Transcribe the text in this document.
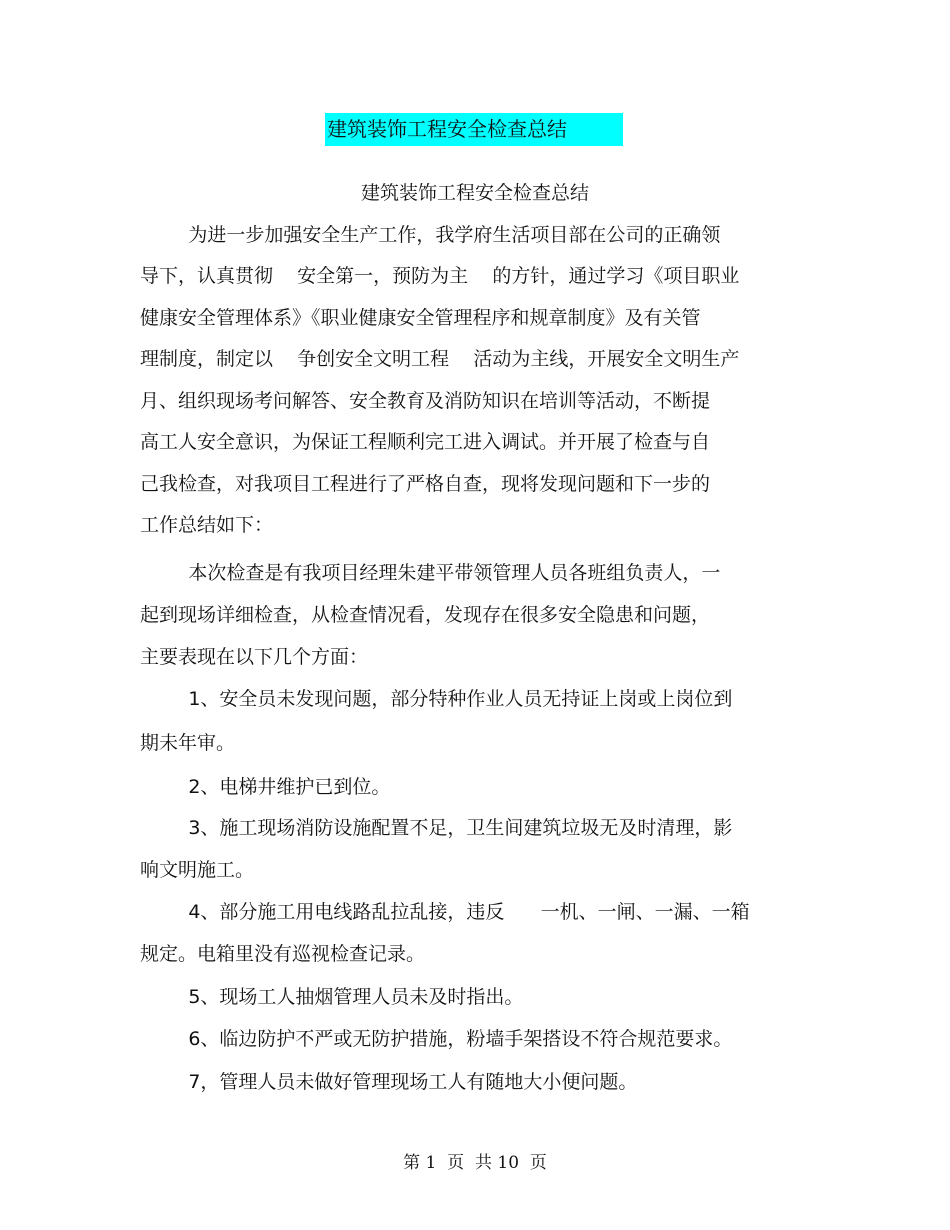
建筑装饰工程安全检查总结
建筑装饰工程安全检查总结
为进一步加强安全生产工作，我学府生活项目部在公司的正确领
导下，认真贯彻    安全第一，预防为主    的方针，通过学习《项目职业
健康安全管理体系》《职业健康安全管理程序和规章制度》及有关管
理制度，制定以    争创安全文明工程    活动为主线，开展安全文明生产
月、组织现场考问解答、安全教育及消防知识在培训等活动，不断提
高工人安全意识，为保证工程顺利完工进入调试。并开展了检查与自
己我检查，对我项目工程进行了严格自查，现将发现问题和下一步的
工作总结如下：
本次检查是有我项目经理朱建平带领管理人员各班组负责人，一
起到现场详细检查，从检查情况看，发现存在很多安全隐患和问题，
主要表现在以下几个方面：
1、安全员未发现问题，部分特种作业人员无持证上岗或上岗位到
期未年审。
2、电梯井维护已到位。
3、施工现场消防设施配置不足，卫生间建筑垃圾无及时清理，影
响文明施工。
4、部分施工用电线路乱拉乱接，违反      一机、一闸、一漏、一箱
规定。电箱里没有巡视检查记录。
5、现场工人抽烟管理人员未及时指出。
6、临边防护不严或无防护措施，粉墙手架搭设不符合规范要求。
7，管理人员未做好管理现场工人有随地大小便问题。
第 1  页  共 10  页
